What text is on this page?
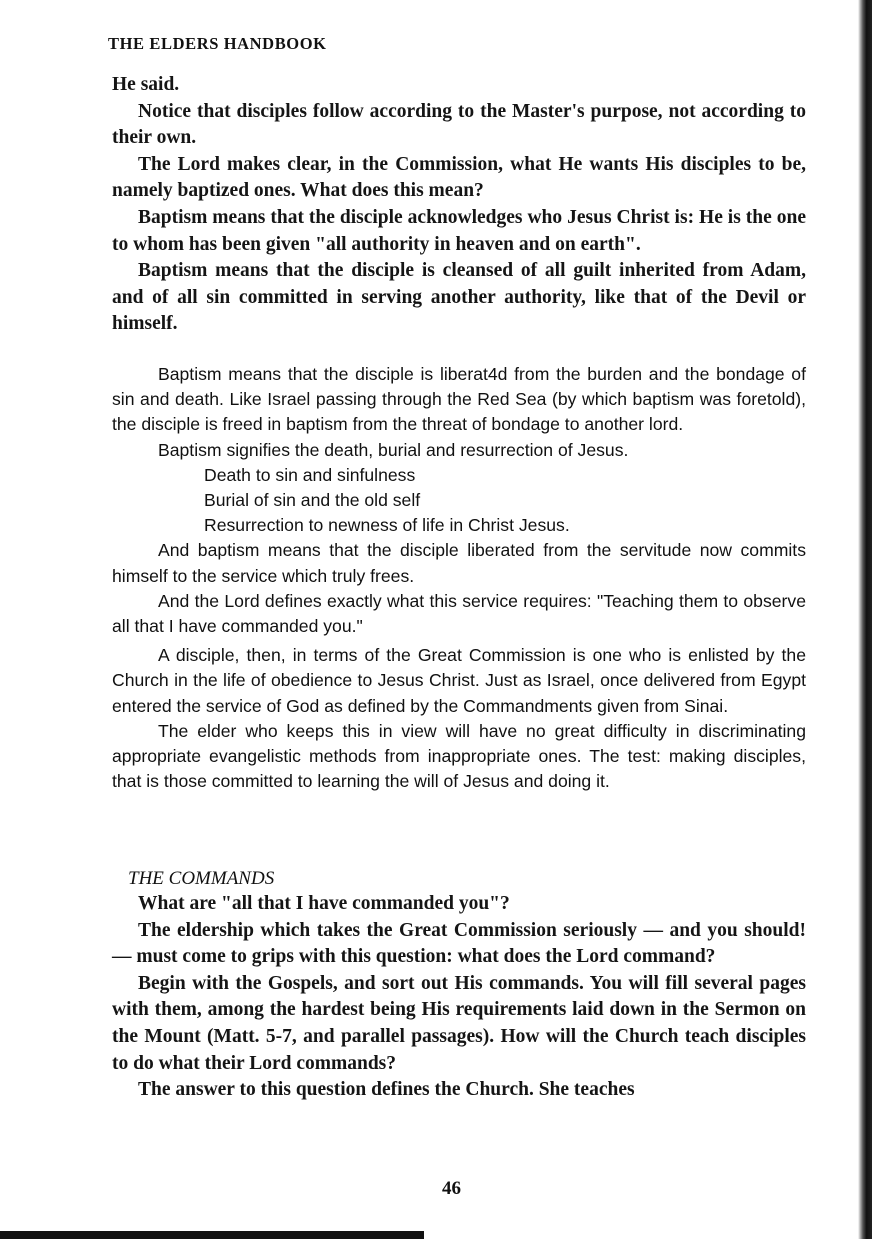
THE ELDERS HANDBOOK

He said.

Notice that disciples follow according to the Master's purpose, not according to their own.

The Lord makes clear, in the Commission, what He wants His disciples to be, namely baptized ones. What does this mean?

Baptism means that the disciple acknowledges who Jesus Christ is: He is the one to whom has been given "all authority in heaven and on earth".

Baptism means that the disciple is cleansed of all guilt inherited from Adam, and of all sin committed in serving another authority, like that of the Devil or himself.

Baptism means that the disciple is liberat4d from the burden and the bondage of sin and death. Like Israel passing through the Red Sea (by which baptism was foretold), the disciple is freed in baptism from the threat of bondage to another lord.

Baptism signifies the death, burial and resurrection of Jesus.

Death to sin and sinfulness

Burial of sin and the old self

Resurrection to newness of life in Christ Jesus.

And baptism means that the disciple liberated from the servitude now commits himself to the service which truly frees.

And the Lord defines exactly what this service requires: "Teaching them to observe all that I have commanded you."

A disciple, then, in terms of the Great Commission is one who is enlisted by the Church in the life of obedience to Jesus Christ. Just as Israel, once delivered from Egypt entered the service of God as defined by the Commandments given from Sinai.

The elder who keeps this in view will have no great difficulty in discriminating appropriate evangelistic methods from inappropriate ones. The test: making disciples, that is those committed to learning the will of Jesus and doing it.

THE COMMANDS

What are "all that I have commanded you"?

The eldership which takes the Great Commission seriously — and you should! — must come to grips with this question: what does the Lord command?

Begin with the Gospels, and sort out His commands. You will fill several pages with them, among the hardest being His requirements laid down in the Sermon on the Mount (Matt. 5-7, and parallel passages). How will the Church teach disciples to do what their Lord commands?

The answer to this question defines the Church. She teaches

46
